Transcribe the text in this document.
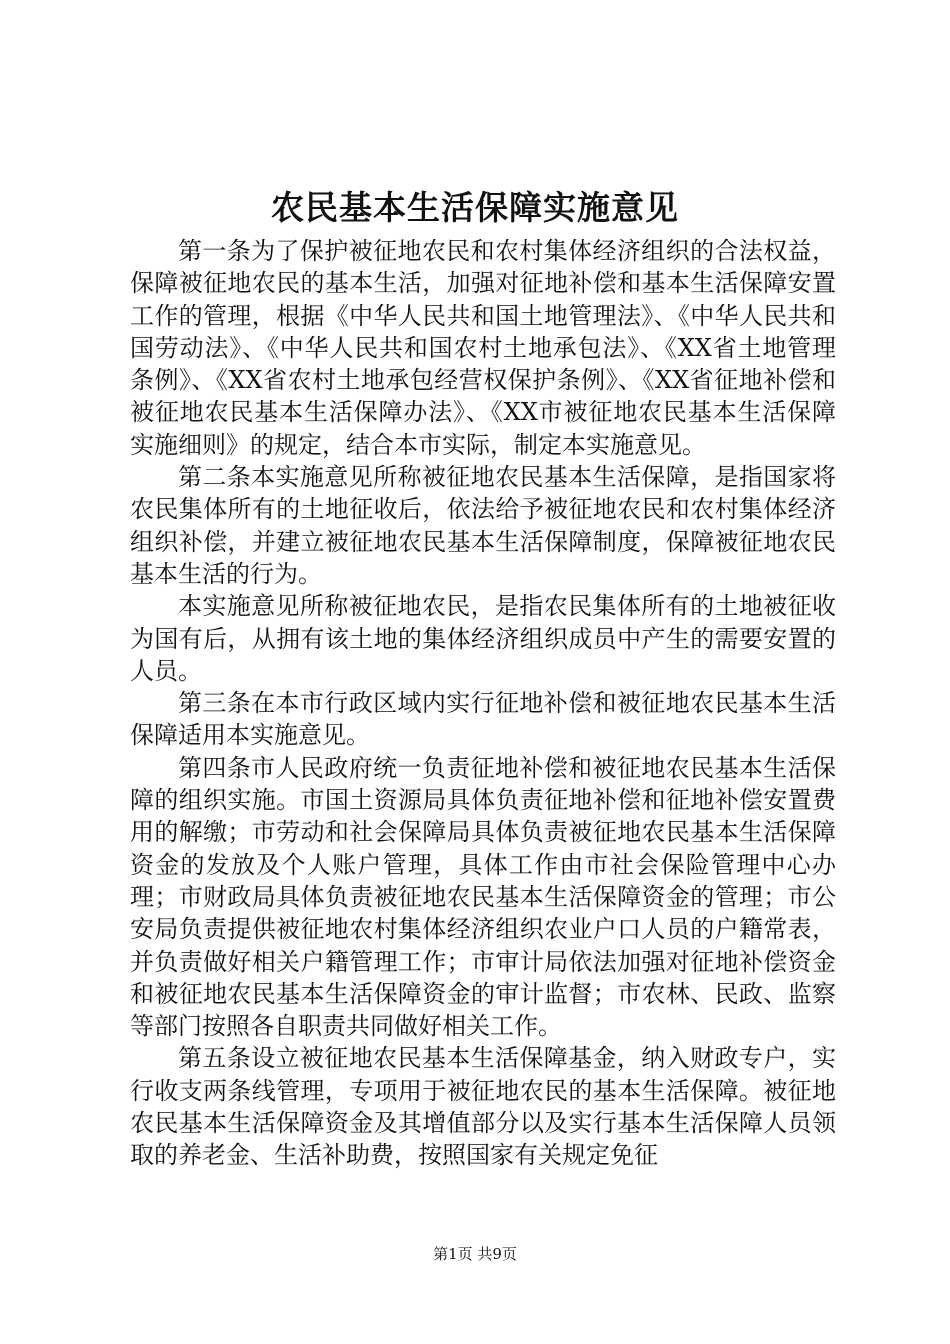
农民基本生活保障实施意见

第一条为了保护被征地农民和农村集体经济组织的合法权益，保障被征地农民的基本生活，加强对征地补偿和基本生活保障安置工作的管理，根据《中华人民共和国土地管理法》、《中华人民共和国劳动法》、《中华人民共和国农村土地承包法》、《XX省土地管理条例》、《XX省农村土地承包经营权保护条例》、《XX省征地补偿和被征地农民基本生活保障办法》、《XX市被征地农民基本生活保障实施细则》的规定，结合本市实际，制定本实施意见。

第二条本实施意见所称被征地农民基本生活保障，是指国家将农民集体所有的土地征收后，依法给予被征地农民和农村集体经济组织补偿，并建立被征地农民基本生活保障制度，保障被征地农民基本生活的行为。

本实施意见所称被征地农民，是指农民集体所有的土地被征收为国有后，从拥有该土地的集体经济组织成员中产生的需要安置的人员。

第三条在本市行政区域内实行征地补偿和被征地农民基本生活保障适用本实施意见。

第四条市人民政府统一负责征地补偿和被征地农民基本生活保障的组织实施。市国土资源局具体负责征地补偿和征地补偿安置费用的解缴；市劳动和社会保障局具体负责被征地农民基本生活保障资金的发放及个人账户管理，具体工作由市社会保险管理中心办理；市财政局具体负责被征地农民基本生活保障资金的管理；市公安局负责提供被征地农村集体经济组织农业户口人员的户籍常表，并负责做好相关户籍管理工作；市审计局依法加强对征地补偿资金和被征地农民基本生活保障资金的审计监督；市农林、民政、监察等部门按照各自职责共同做好相关工作。

第五条设立被征地农民基本生活保障基金，纳入财政专户，实行收支两条线管理，专项用于被征地农民的基本生活保障。被征地农民基本生活保障资金及其增值部分以及实行基本生活保障人员领取的养老金、生活补助费，按照国家有关规定免征

第1页 共9页
